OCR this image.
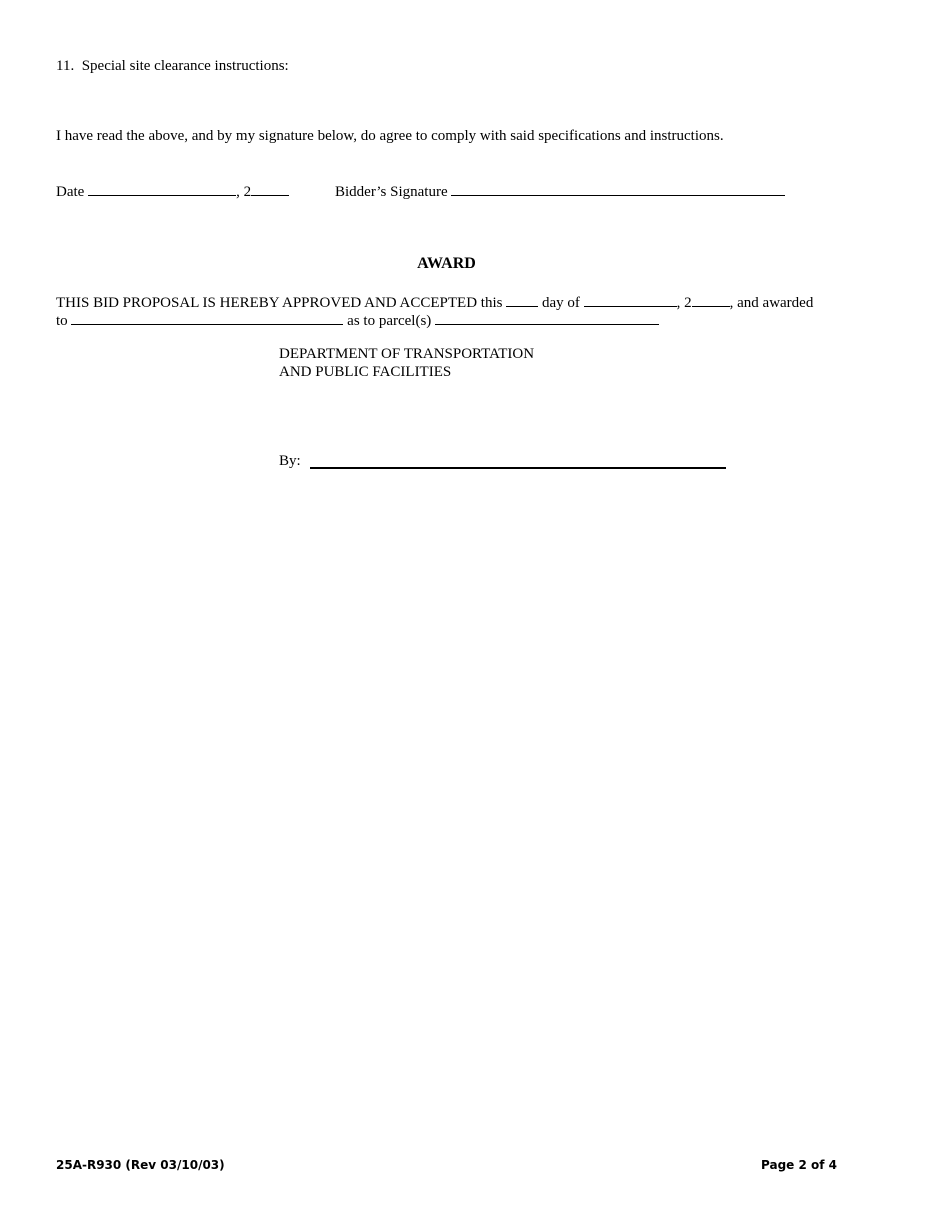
11. Special site clearance instructions:
I have read the above, and by my signature below, do agree to comply with said specifications and instructions.
Date	, 2	Bidder’s Signature
AWARD
THIS BID PROPOSAL IS HEREBY APPROVED AND ACCEPTED this	day of	, 2	, and awarded
to	as to parcel(s)
DEPARTMENT OF TRANSPORTATION
AND PUBLIC FACILITIES
By:
25A-R930 (Rev 03/10/03)	Page 2 of 4
